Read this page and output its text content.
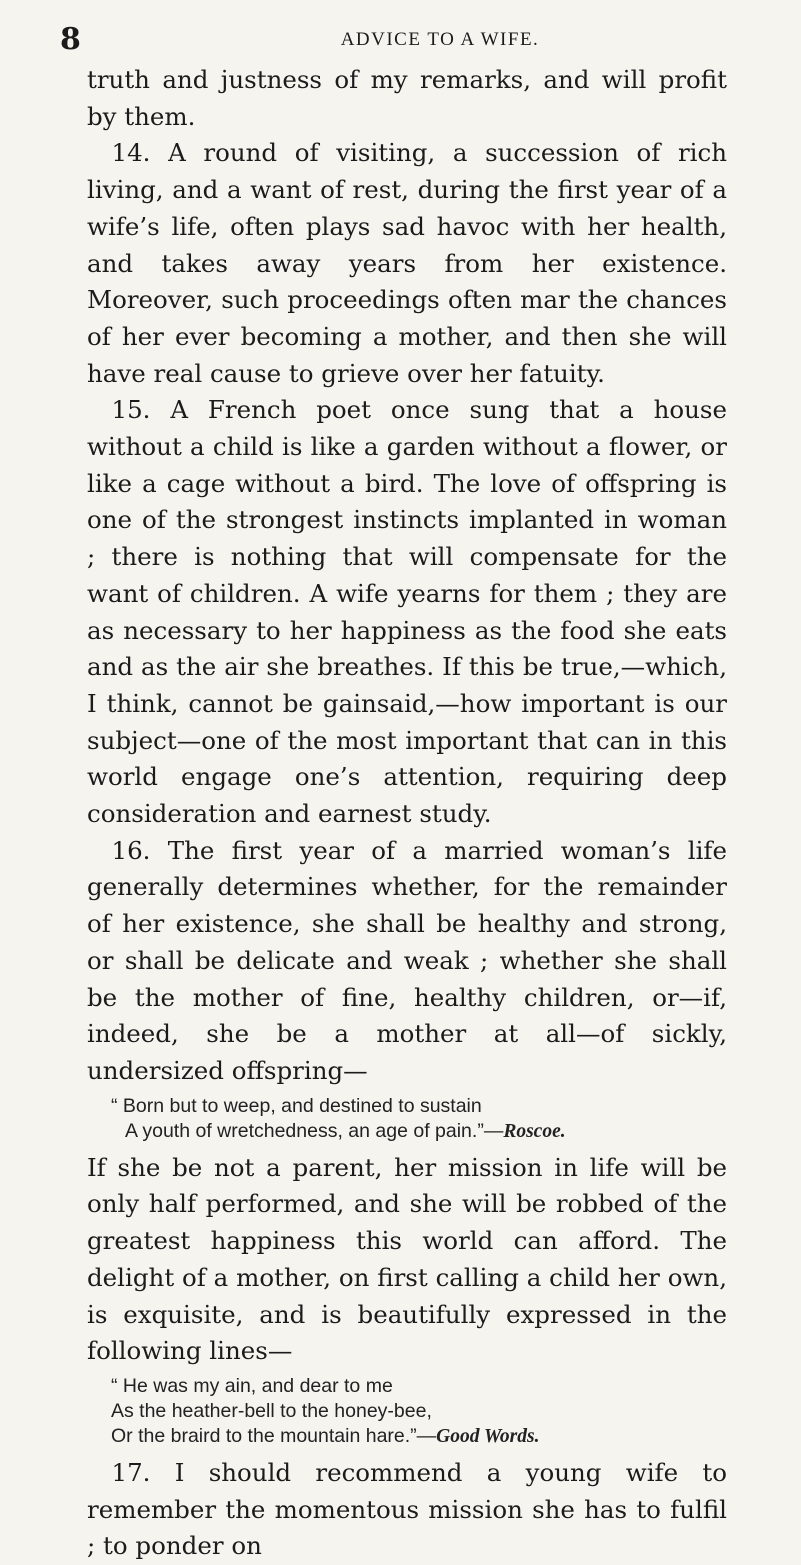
8	ADVICE TO A WIFE.

truth and justness of my remarks, and will profit by them.

14. A round of visiting, a succession of rich living, and a want of rest, during the first year of a wife’s life, often plays sad havoc with her health, and takes away years from her existence. Moreover, such proceedings often mar the chances of her ever becoming a mother, and then she will have real cause to grieve over her fatuity.

15. A French poet once sung that a house without a child is like a garden without a flower, or like a cage without a bird. The love of offspring is one of the strongest instincts implanted in woman ; there is nothing that will compensate for the want of children. A wife yearns for them ; they are as necessary to her happiness as the food she eats and as the air she breathes. If this be true,—which, I think, cannot be gainsaid,—how important is our subject—one of the most important that can in this world engage one’s attention, requiring deep consideration and earnest study.

16. The first year of a married woman’s life generally determines whether, for the remainder of her existence, she shall be healthy and strong, or shall be delicate and weak ; whether she shall be the mother of fine, healthy children, or—if, indeed, she be a mother at all—of sickly, undersized offspring—

“ Born but to weep, and destined to sustain
A youth of wretchedness, an age of pain.”—Roscoe.

If she be not a parent, her mission in life will be only half performed, and she will be robbed of the greatest happiness this world can afford. The delight of a mother, on first calling a child her own, is exquisite, and is beautifully expressed in the following lines—

“ He was my ain, and dear to me
As the heather-bell to the honey-bee,
Or the braird to the mountain hare.”—Good Words.

17. I should recommend a young wife to remember the momentous mission she has to fulfil ; to ponder on
